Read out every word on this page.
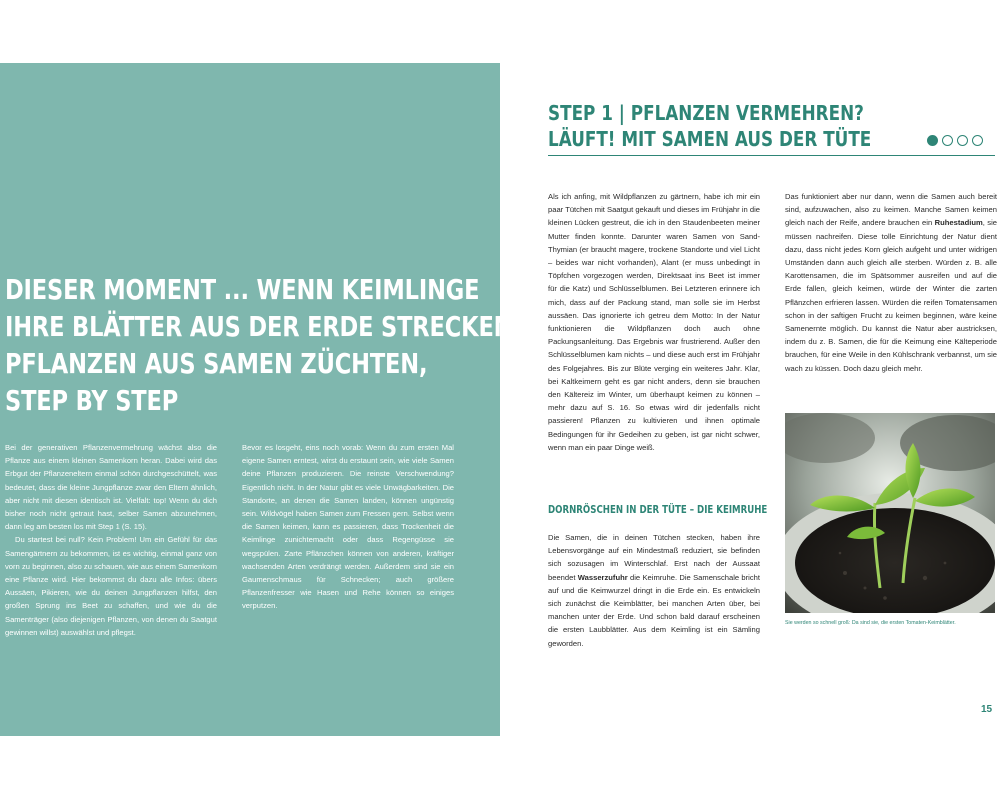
DIESER MOMENT ... WENN KEIMLINGE
IHRE BLÄTTER AUS DER ERDE STRECKEN:
PFLANZEN AUS SAMEN ZÜCHTEN,
STEP BY STEP

Bei der generativen Pflanzenvermehrung wächst also die Pflanze aus einem kleinen Samenkorn heran. Dabei wird das Erbgut der Pflanzeneltern einmal schön durchgeschüttelt, was bedeutet, dass die kleine Jungpflanze zwar den Eltern ähnlich, aber nicht mit diesen identisch ist. Vielfalt: top! Wenn du dich bisher noch nicht getraut hast, selber Samen abzunehmen, dann leg am besten los mit Step 1 (S. 15).

Du startest bei null? Kein Problem! Um ein Gefühl für das Samengärtnern zu bekommen, ist es wichtig, einmal ganz von vorn zu beginnen, also zu schauen, wie aus einem Samenkorn eine Pflanze wird. Hier bekommst du dazu alle Infos: übers Aussäen, Pikieren, wie du deinen Jungpflanzen hilfst, den großen Sprung ins Beet zu schaffen, und wie du die Samenträger (also diejenigen Pflanzen, von denen du Saatgut gewinnen willst) auswählst und pflegst.

Bevor es losgeht, eins noch vorab: Wenn du zum ersten Mal eigene Samen erntest, wirst du erstaunt sein, wie viele Samen deine Pflanzen produzieren. Die reinste Verschwendung? Eigentlich nicht. In der Natur gibt es viele Unwägbarkeiten. Die Standorte, an denen die Samen landen, können ungünstig sein. Wildvögel haben Samen zum Fressen gern. Selbst wenn die Samen keimen, kann es passieren, dass Trockenheit die Keimlinge zunichtemacht oder dass Regengüsse sie wegspülen. Zarte Pflänzchen können von anderen, kräftiger wachsenden Arten verdrängt werden. Außerdem sind sie ein Gaumenschmaus für Schnecken; auch größere Pflanzenfresser wie Hasen und Rehe können so einiges verputzen.

STEP 1 | PFLANZEN VERMEHREN?
LÄUFT! MIT SAMEN AUS DER TÜTE

Als ich anfing, mit Wildpflanzen zu gärtnern, habe ich mir ein paar Tütchen mit Saatgut gekauft und dieses im Frühjahr in die kleinen Lücken gestreut, die ich in den Staudenbeeten meiner Mutter finden konnte. Darunter waren Samen von Sand-Thymian (er braucht magere, trockene Standorte und viel Licht – beides war nicht vorhanden), Alant (er muss unbedingt in Töpfchen vorgezogen werden, Direktsaat ins Beet ist immer für die Katz) und Schlüsselblumen. Bei Letzteren erinnere ich mich, dass auf der Packung stand, man solle sie im Herbst aussäen. Das ignorierte ich getreu dem Motto: In der Natur funktionieren die Wildpflanzen doch auch ohne Packungsanleitung. Das Ergebnis war frustrierend. Außer den Schlüsselblumen kam nichts – und diese auch erst im Frühjahr des Folgejahres. Bis zur Blüte verging ein weiteres Jahr. Klar, bei Kaltkeimern geht es gar nicht anders, denn sie brauchen den Kältereiz im Winter, um überhaupt keimen zu können – mehr dazu auf S. 16. So etwas wird dir jedenfalls nicht passieren! Pflanzen zu kultivieren und ihnen optimale Bedingungen für ihr Gedeihen zu geben, ist gar nicht schwer, wenn man ein paar Dinge weiß.

DORNRÖSCHEN IN DER TÜTE – DIE KEIMRUHE

Die Samen, die in deinen Tütchen stecken, haben ihre Lebensvorgänge auf ein Mindestmaß reduziert, sie befinden sich sozusagen im Winterschlaf. Erst nach der Aussaat beendet Wasserzufuhr die Keimruhe. Die Samenschale bricht auf und die Keimwurzel dringt in die Erde ein. Es entwickeln sich zunächst die Keimblätter, bei manchen Arten über, bei manchen unter der Erde. Und schon bald darauf erscheinen die ersten Laubblätter. Aus dem Keimling ist ein Sämling geworden.

Das funktioniert aber nur dann, wenn die Samen auch bereit sind, aufzuwachen, also zu keimen. Manche Samen keimen gleich nach der Reife, andere brauchen ein Ruhestadium, sie müssen nachreifen. Diese tolle Einrichtung der Natur dient dazu, dass nicht jedes Korn gleich aufgeht und unter widrigen Umständen dann auch gleich alle sterben. Würden z. B. alle Karottensamen, die im Spätsommer ausreifen und auf die Erde fallen, gleich keimen, würde der Winter die zarten Pflänzchen erfrieren lassen. Würden die reifen Tomatensamen schon in der saftigen Frucht zu keimen beginnen, wäre keine Samenernte möglich. Du kannst die Natur aber austricksen, indem du z. B. Samen, die für die Keimung eine Kälteperiode brauchen, für eine Weile in den Kühlschrank verbannst, um sie wach zu küssen. Doch dazu gleich mehr.

Sie werden so schnell groß: Da sind sie, die ersten Tomaten-Keimblätter.

15
